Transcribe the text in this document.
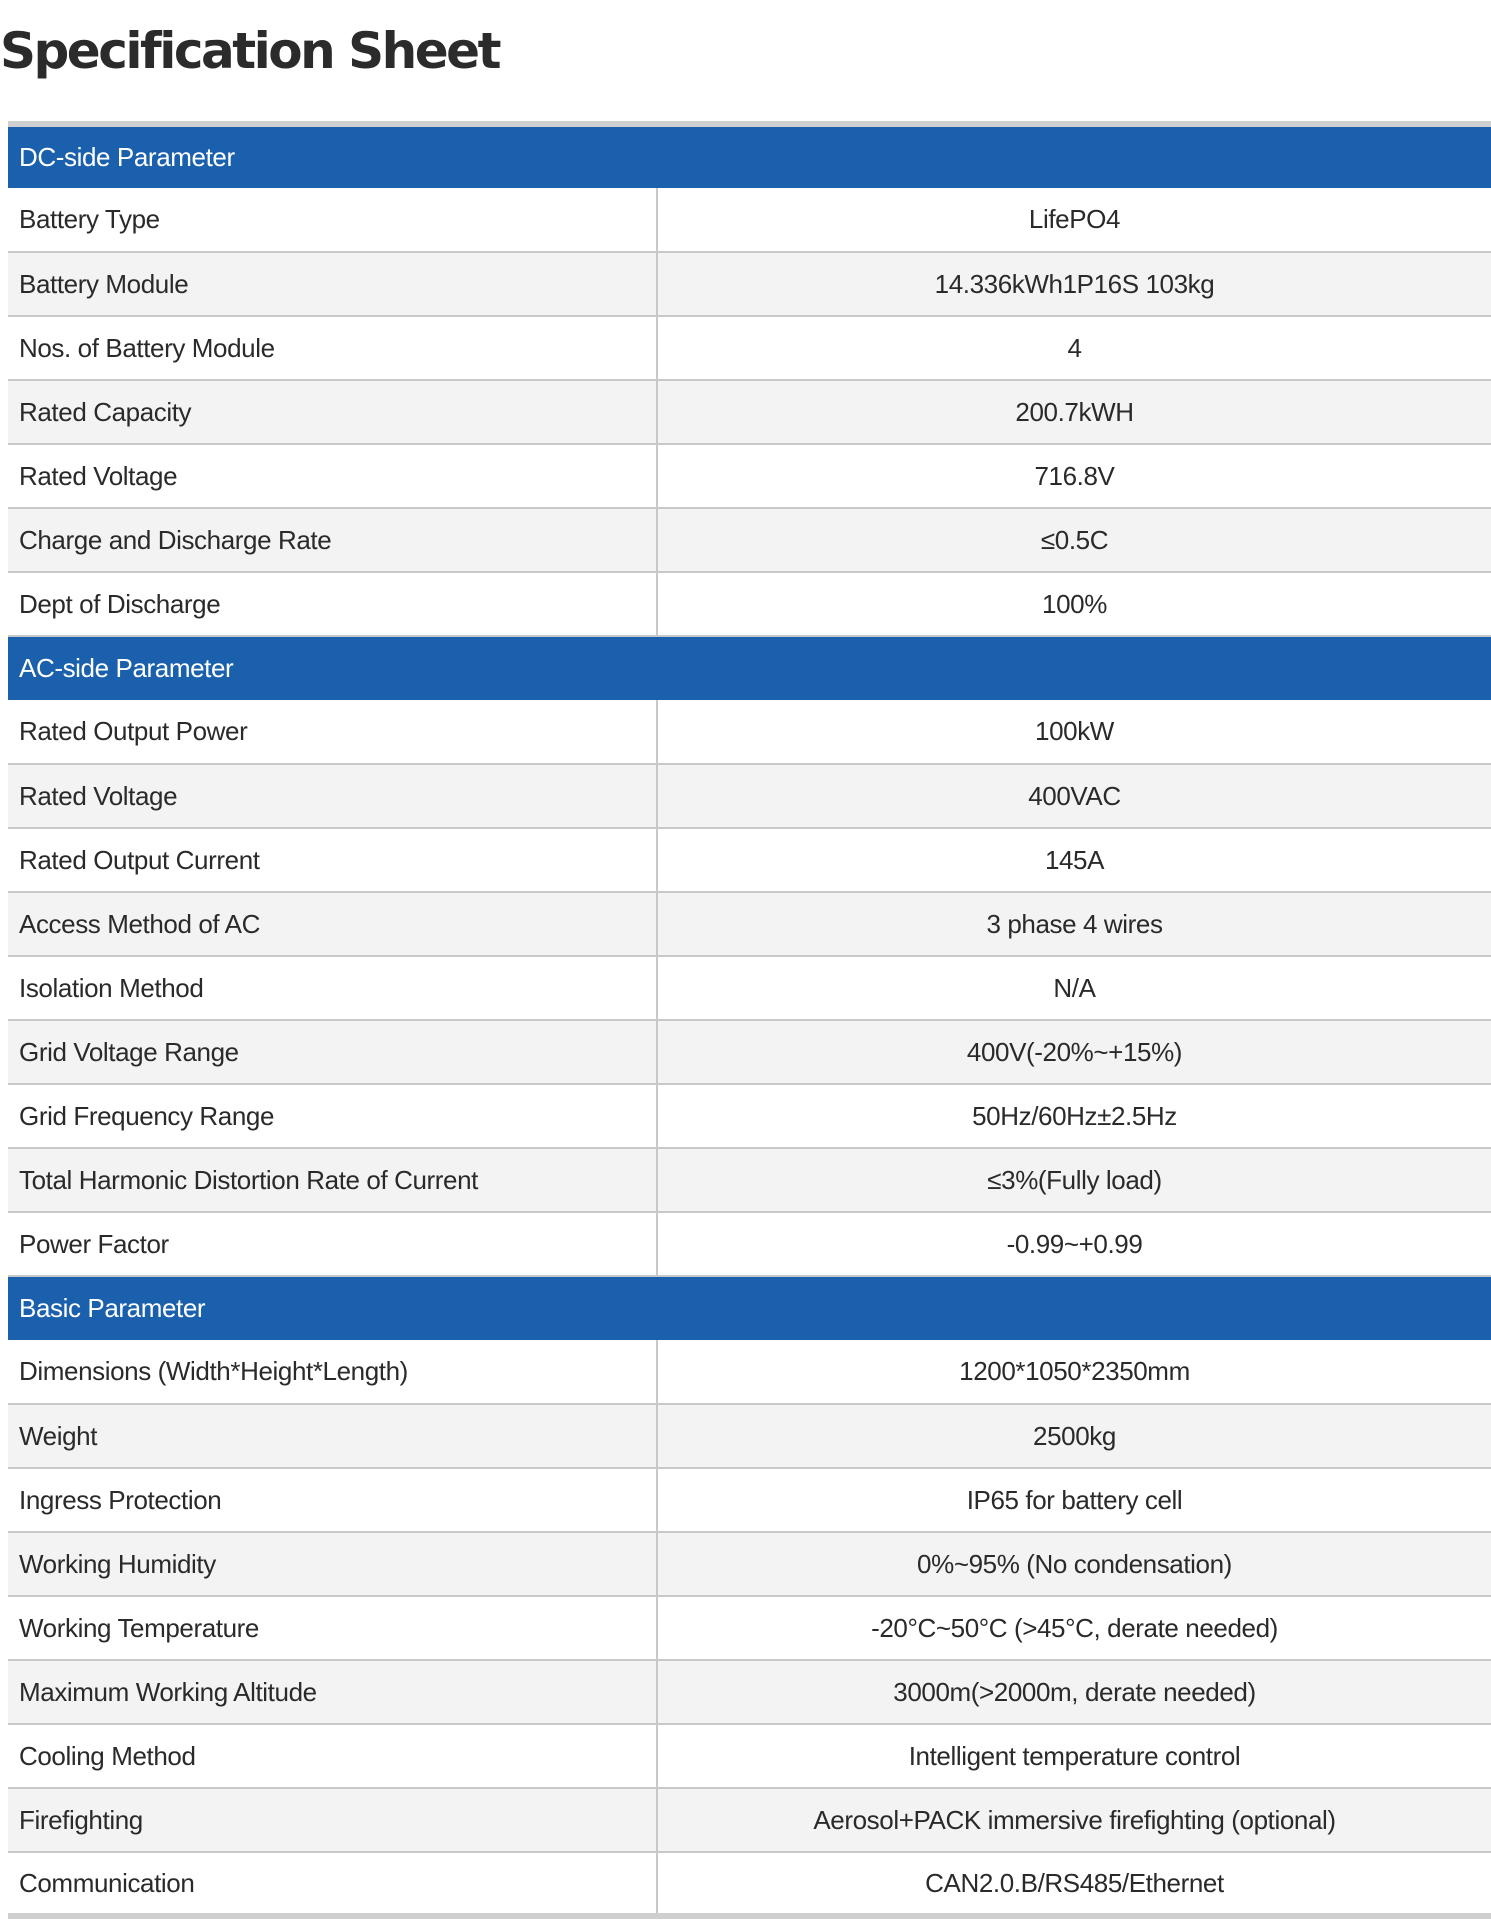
Specification Sheet
DC-side Parameter	
Battery Type	LifePO4
Battery Module	14.336kWh1P16S 103kg
Nos. of Battery Module	4
Rated Capacity	200.7kWH
Rated Voltage	716.8V
Charge and Discharge Rate	≤0.5C
Dept of Discharge	100%
AC-side Parameter	
Rated Output Power	100kW
Rated Voltage	400VAC
Rated Output Current	145A
Access Method of AC	3 phase 4 wires
Isolation Method	N/A
Grid Voltage Range	400V(-20%~+15%)
Grid Frequency Range	50Hz/60Hz±2.5Hz
Total Harmonic Distortion Rate of Current	≤3%(Fully load)
Power Factor	-0.99~+0.99
Basic Parameter	
Dimensions (Width*Height*Length)	1200*1050*2350mm
Weight	2500kg
Ingress Protection	IP65 for battery cell
Working Humidity	0%~95% (No condensation)
Working Temperature	-20°C~50°C (>45°C, derate needed)
Maximum Working Altitude	3000m(>2000m, derate needed)
Cooling Method	Intelligent temperature control
Firefighting	Aerosol+PACK immersive firefighting (optional)
Communication	CAN2.0.B/RS485/Ethernet
